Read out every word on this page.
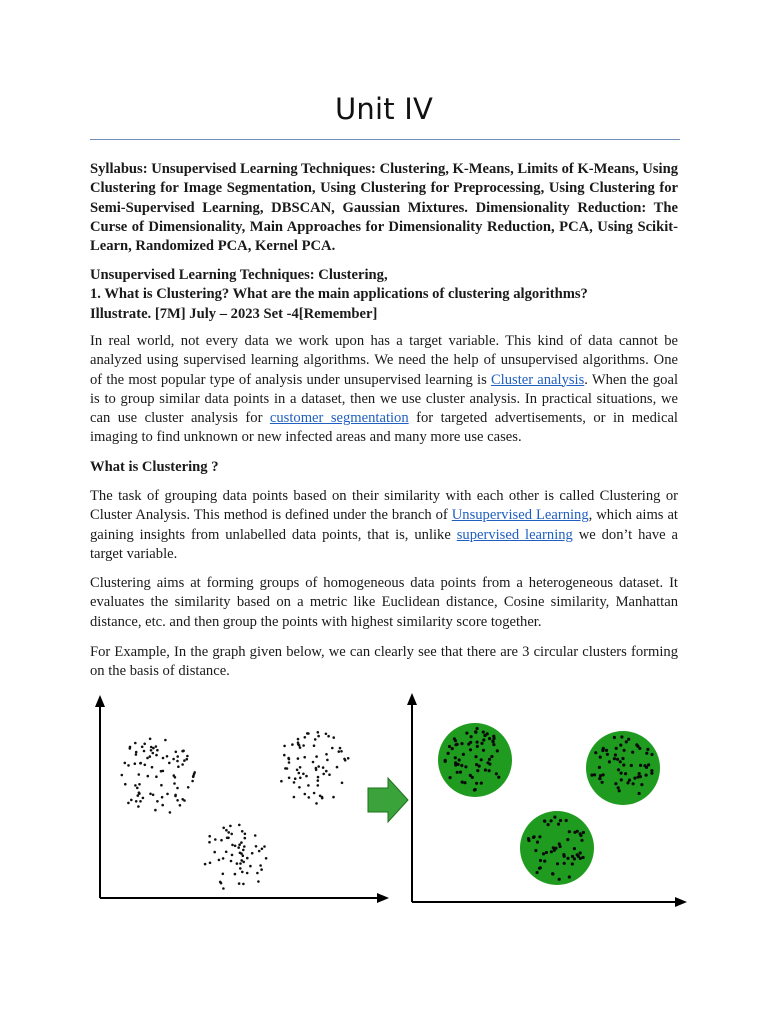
Unit IV
Syllabus: Unsupervised Learning Techniques: Clustering, K-Means, Limits of K-Means, Using Clustering for Image Segmentation, Using Clustering for Preprocessing, Using Clustering for Semi-Supervised Learning, DBSCAN, Gaussian Mixtures. Dimensionality Reduction: The Curse of Dimensionality, Main Approaches for Dimensionality Reduction, PCA, Using Scikit-Learn, Randomized PCA, Kernel PCA.
Unsupervised Learning Techniques: Clustering,
1. What is Clustering? What are the main applications of clustering algorithms?
Illustrate. [7M] July – 2023 Set -4[Remember]
In real world, not every data we work upon has a target variable. This kind of data cannot be analyzed using supervised learning algorithms. We need the help of unsupervised algorithms. One of the most popular type of analysis under unsupervised learning is Cluster analysis. When the goal is to group similar data points in a dataset, then we use cluster analysis. In practical situations, we can use cluster analysis for customer segmentation for targeted advertisements, or in medical imaging to find unknown or new infected areas and many more use cases.
What is Clustering ?
The task of grouping data points based on their similarity with each other is called Clustering or Cluster Analysis. This method is defined under the branch of Unsupervised Learning, which aims at gaining insights from unlabelled data points, that is, unlike supervised learning we don’t have a target variable.
Clustering aims at forming groups of homogeneous data points from a heterogeneous dataset. It evaluates the similarity based on a metric like Euclidean distance, Cosine similarity, Manhattan distance, etc. and then group the points with highest similarity score together.
For Example, In the graph given below, we can clearly see that there are 3 circular clusters forming on the basis of distance.
